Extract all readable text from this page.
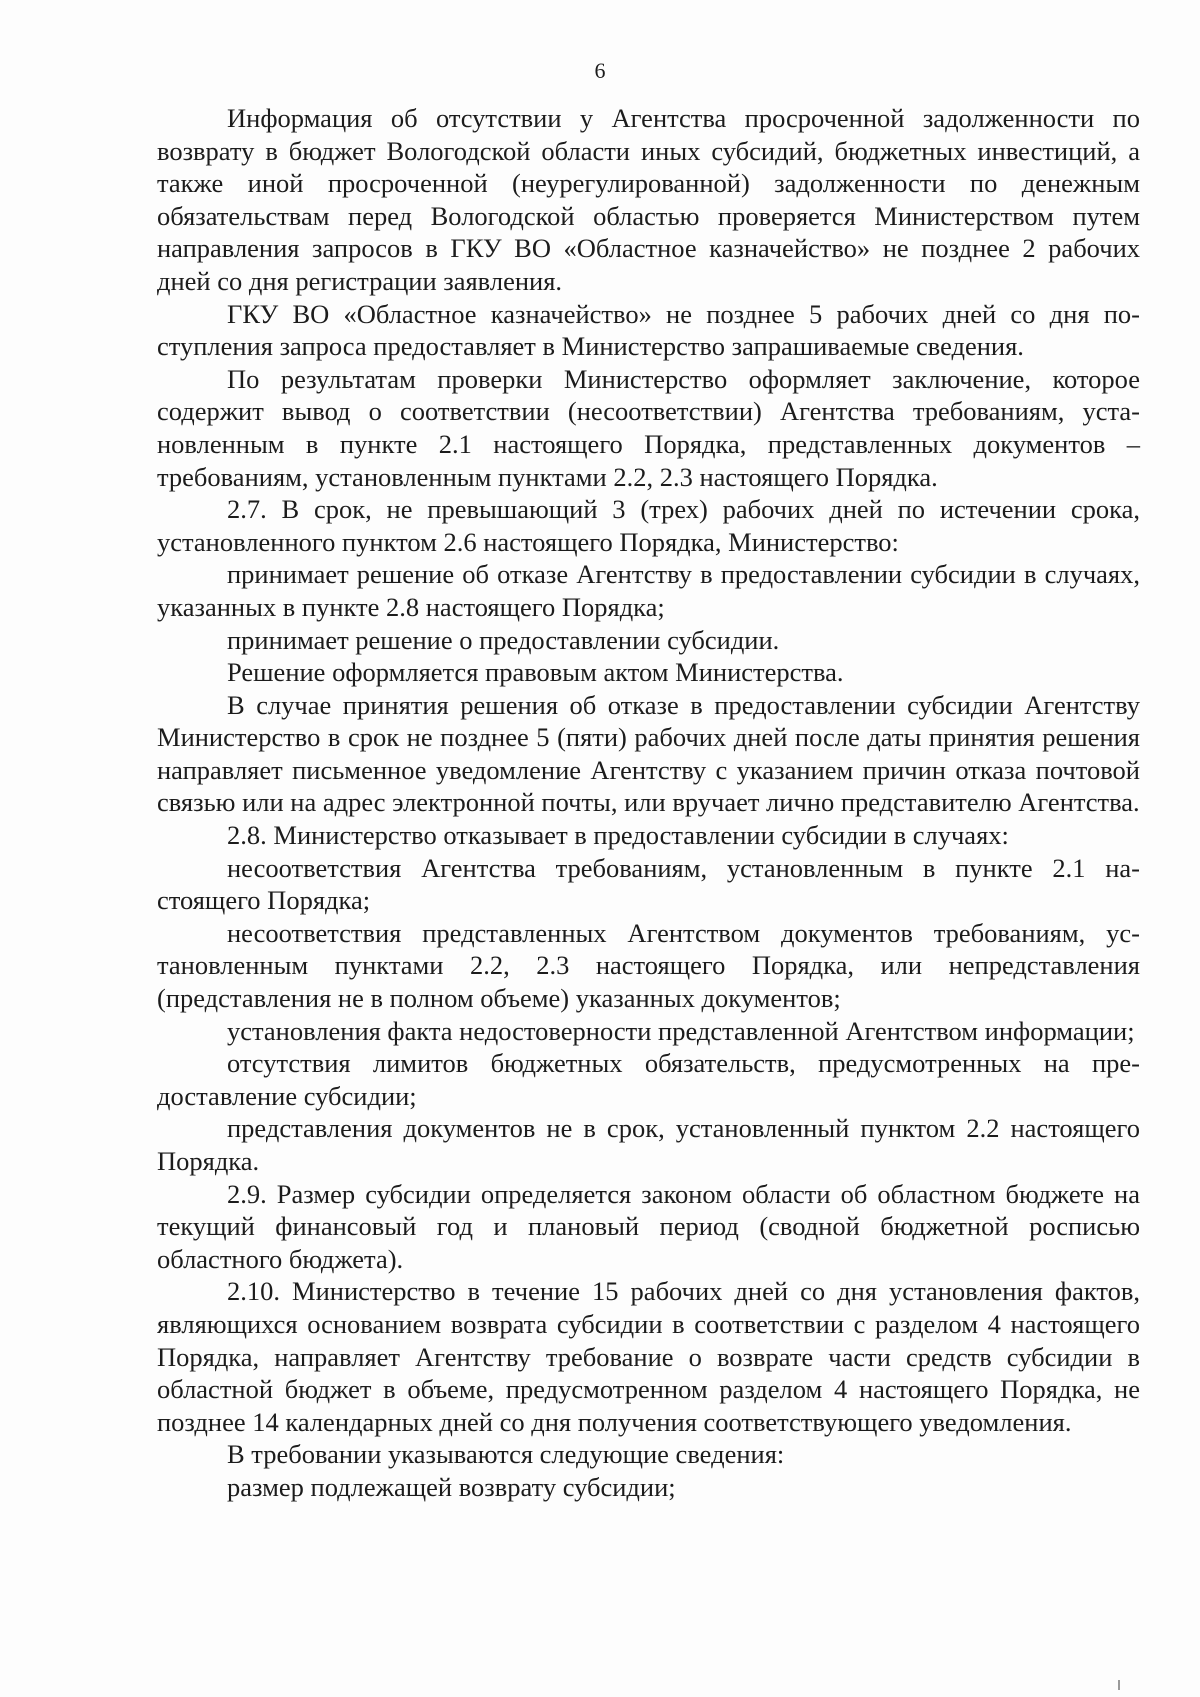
6

Информация об отсутствии у Агентства просроченной задолженности по возврату в бюджет Вологодской области иных субсидий, бюджетных инвестиций, а также иной просроченной (неурегулированной) задолженности по денежным обязательствам перед Вологодской областью проверяется Министерством путем направления запросов в ГКУ ВО «Областное казначейство» не позднее 2 рабочих дней со дня регистрации заявления.

ГКУ ВО «Областное казначейство» не позднее 5 рабочих дней со дня поступления запроса предоставляет в Министерство запрашиваемые сведения.

По результатам проверки Министерство оформляет заключение, которое содержит вывод о соответствии (несоответствии) Агентства требованиям, установленным в пункте 2.1 настоящего Порядка, представленных документов – требованиям, установленным пунктами 2.2, 2.3 настоящего Порядка.

2.7. В срок, не превышающий 3 (трех) рабочих дней по истечении срока, установленного пунктом 2.6 настоящего Порядка, Министерство:

принимает решение об отказе Агентству в предоставлении субсидии в случаях, указанных в пункте 2.8 настоящего Порядка;

принимает решение о предоставлении субсидии.

Решение оформляется правовым актом Министерства.

В случае принятия решения об отказе в предоставлении субсидии Агентству Министерство в срок не позднее 5 (пяти) рабочих дней после даты принятия решения направляет письменное уведомление Агентству с указанием причин отказа почтовой связью или на адрес электронной почты, или вручает лично представителю Агентства.

2.8. Министерство отказывает в предоставлении субсидии в случаях:

несоответствия Агентства требованиям, установленным в пункте 2.1 настоящего Порядка;

несоответствия представленных Агентством документов требованиям, установленным пунктами 2.2, 2.3 настоящего Порядка, или непредставления (представления не в полном объеме) указанных документов;

установления факта недостоверности представленной Агентством информации;

отсутствия лимитов бюджетных обязательств, предусмотренных на предоставление субсидии;

представления документов не в срок, установленный пунктом 2.2 настоящего Порядка.

2.9. Размер субсидии определяется законом области об областном бюджете на текущий финансовый год и плановый период (сводной бюджетной росписью областного бюджета).

2.10. Министерство в течение 15 рабочих дней со дня установления фактов, являющихся основанием возврата субсидии в соответствии с разделом 4 настоящего Порядка, направляет Агентству требование о возврате части средств субсидии в областной бюджет в объеме, предусмотренном разделом 4 настоящего Порядка, не позднее 14 календарных дней со дня получения соответствующего уведомления.

В требовании указываются следующие сведения:

размер подлежащей возврату субсидии;
